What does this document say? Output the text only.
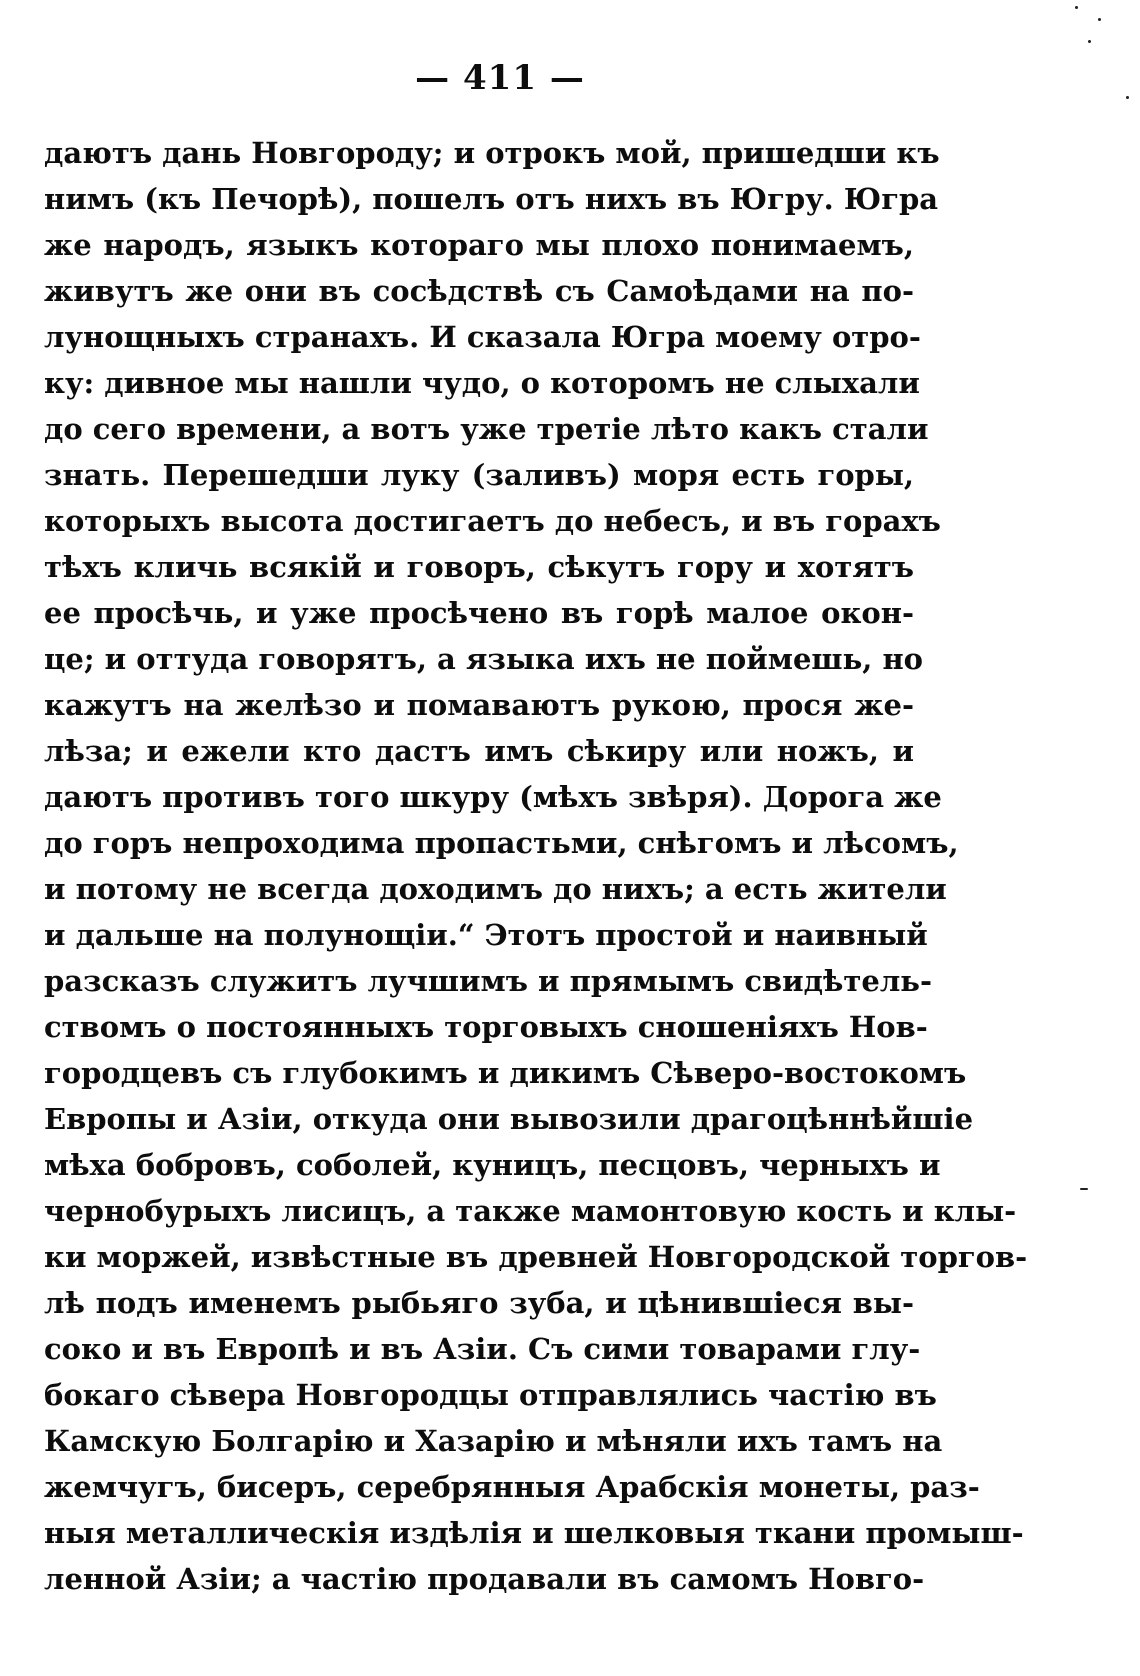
— 411 —
даютъ дань Новгороду; и отрокъ мой, пришедши къ
нимъ (къ Печорѣ), пошелъ отъ нихъ въ Югру. Югра
же народъ, языкъ котораго мы плохо понимаемъ,
живутъ же они въ сосѣдствѣ съ Самоѣдами на по-
лунощныхъ странахъ. И сказала Югра моему отро-
ку: дивное мы нашли чудо, о которомъ не слыхали
до сего времени, а вотъ уже третіе лѣто какъ стали
знать. Перешедши луку (заливъ) моря есть горы,
которыхъ высота достигаетъ до небесъ, и въ горахъ
тѣхъ кличь всякій и говоръ, сѣкутъ гору и хотятъ
ее просѣчь, и уже просѣчено въ горѣ малое окон-
це; и оттуда говорятъ, а языка ихъ не поймешь, но
кажутъ на желѣзо и помаваютъ рукою, прося же-
лѣза; и ежели кто дастъ имъ сѣкиру или ножъ, и
даютъ противъ того шкуру (мѣхъ звѣря). Дорога же
до горъ непроходима пропастьми, снѣгомъ и лѣсомъ,
и потому не всегда доходимъ до нихъ; а есть жители
и дальше на полунощіи.“ Этотъ простой и наивный
разсказъ служитъ лучшимъ и прямымъ свидѣтель-
ствомъ о постоянныхъ торговыхъ сношеніяхъ Нов-
городцевъ съ глубокимъ и дикимъ Сѣверо-востокомъ
Европы и Азіи, откуда они вывозили драгоцѣннѣйшіе
мѣха бобровъ, соболей, куницъ, песцовъ, черныхъ и
чернобурыхъ лисицъ, а также мамонтовую кость и клы-
ки моржей, извѣстные въ древней Новгородской торгов-
лѣ подъ именемъ рыбьяго зуба, и цѣнившіеся вы-
соко и въ Европѣ и въ Азіи. Съ сими товарами глу-
бокаго сѣвера Новгородцы отправлялись частію въ
Камскую Болгарію и Хазарію и мѣняли ихъ тамъ на
жемчугъ, бисеръ, серебрянныя Арабскія монеты, раз-
ныя металлическія издѣлія и шелковыя ткани промыш-
ленной Азіи; а частію продавали въ самомъ Новго-
